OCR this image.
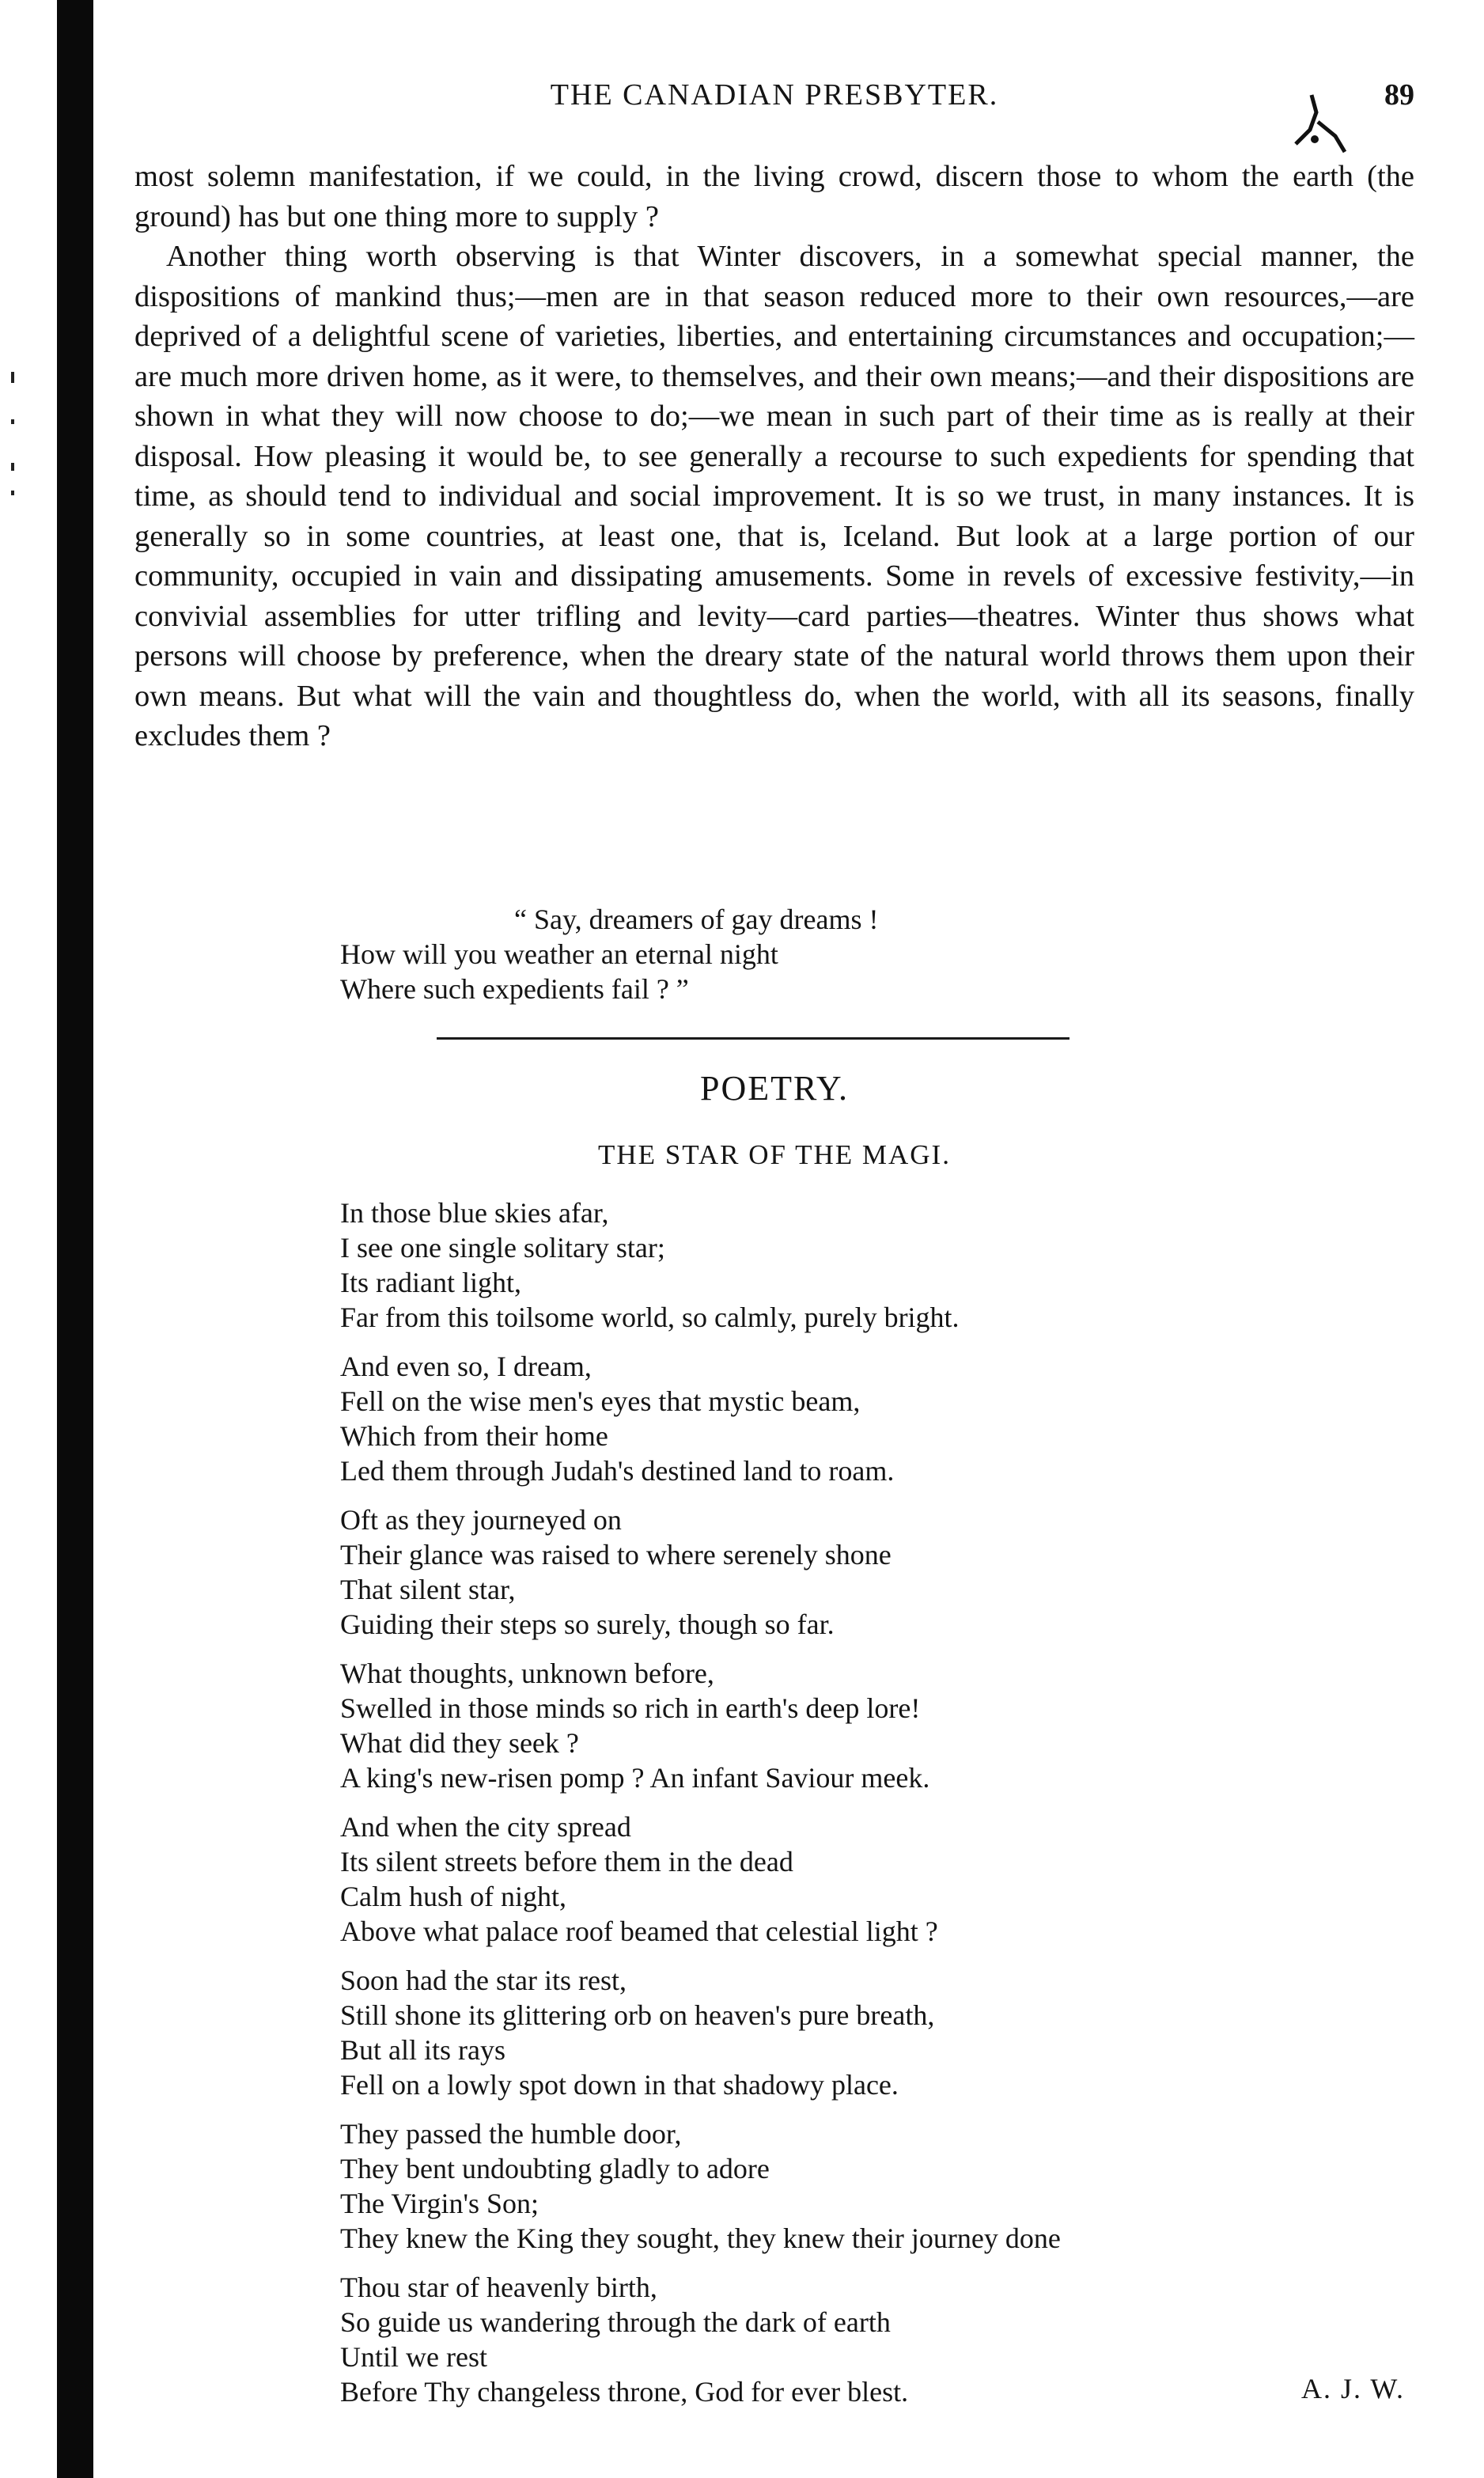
THE CANADIAN PRESBYTER.	89

most solemn manifestation, if we could, in the living crowd, discern those to whom the earth (the ground) has but one thing more to supply ?

Another thing worth observing is that Winter discovers, in a somewhat special manner, the dispositions of mankind thus;—men are in that season reduced more to their own resources,—are deprived of a delightful scene of varieties, liberties, and entertaining circumstances and occupation;—are much more driven home, as it were, to themselves, and their own means;—and their dispositions are shown in what they will now choose to do;—we mean in such part of their time as is really at their disposal. How pleasing it would be, to see generally a recourse to such expedients for spending that time, as should tend to individual and social improvement. It is so we trust, in many instances. It is generally so in some countries, at least one, that is, Iceland. But look at a large portion of our community, occupied in vain and dissipating amusements. Some in revels of excessive festivity,—in convivial assemblies for utter trifling and levity—card parties—theatres. Winter thus shows what persons will choose by preference, when the dreary state of the natural world throws them upon their own means. But what will the vain and thoughtless do, when the world, with all its seasons, finally excludes them ?

“ Say, dreamers of gay dreams !
How will you weather an eternal night
Where such expedients fail ? ”
POETRY.
THE STAR OF THE MAGI.
In those blue skies afar,
I see one single solitary star;
Its radiant light,
Far from this toilsome world, so calmly, purely bright.
And even so, I dream,
Fell on the wise men's eyes that mystic beam,
Which from their home
Led them through Judah's destined land to roam.
Oft as they journeyed on
Their glance was raised to where serenely shone
That silent star,
Guiding their steps so surely, though so far.
What thoughts, unknown before,
Swelled in those minds so rich in earth's deep lore!
What did they seek ?
A king's new-risen pomp ? An infant Saviour meek.
And when the city spread
Its silent streets before them in the dead
Calm hush of night,
Above what palace roof beamed that celestial light ?
Soon had the star its rest,
Still shone its glittering orb on heaven's pure breath,
But all its rays
Fell on a lowly spot down in that shadowy place.
They passed the humble door,
They bent undoubting gladly to adore
The Virgin's Son;
They knew the King they sought, they knew their journey done
Thou star of heavenly birth,
So guide us wandering through the dark of earth
Until we rest
Before Thy changeless throne, God for ever blest.	A. J. W.
